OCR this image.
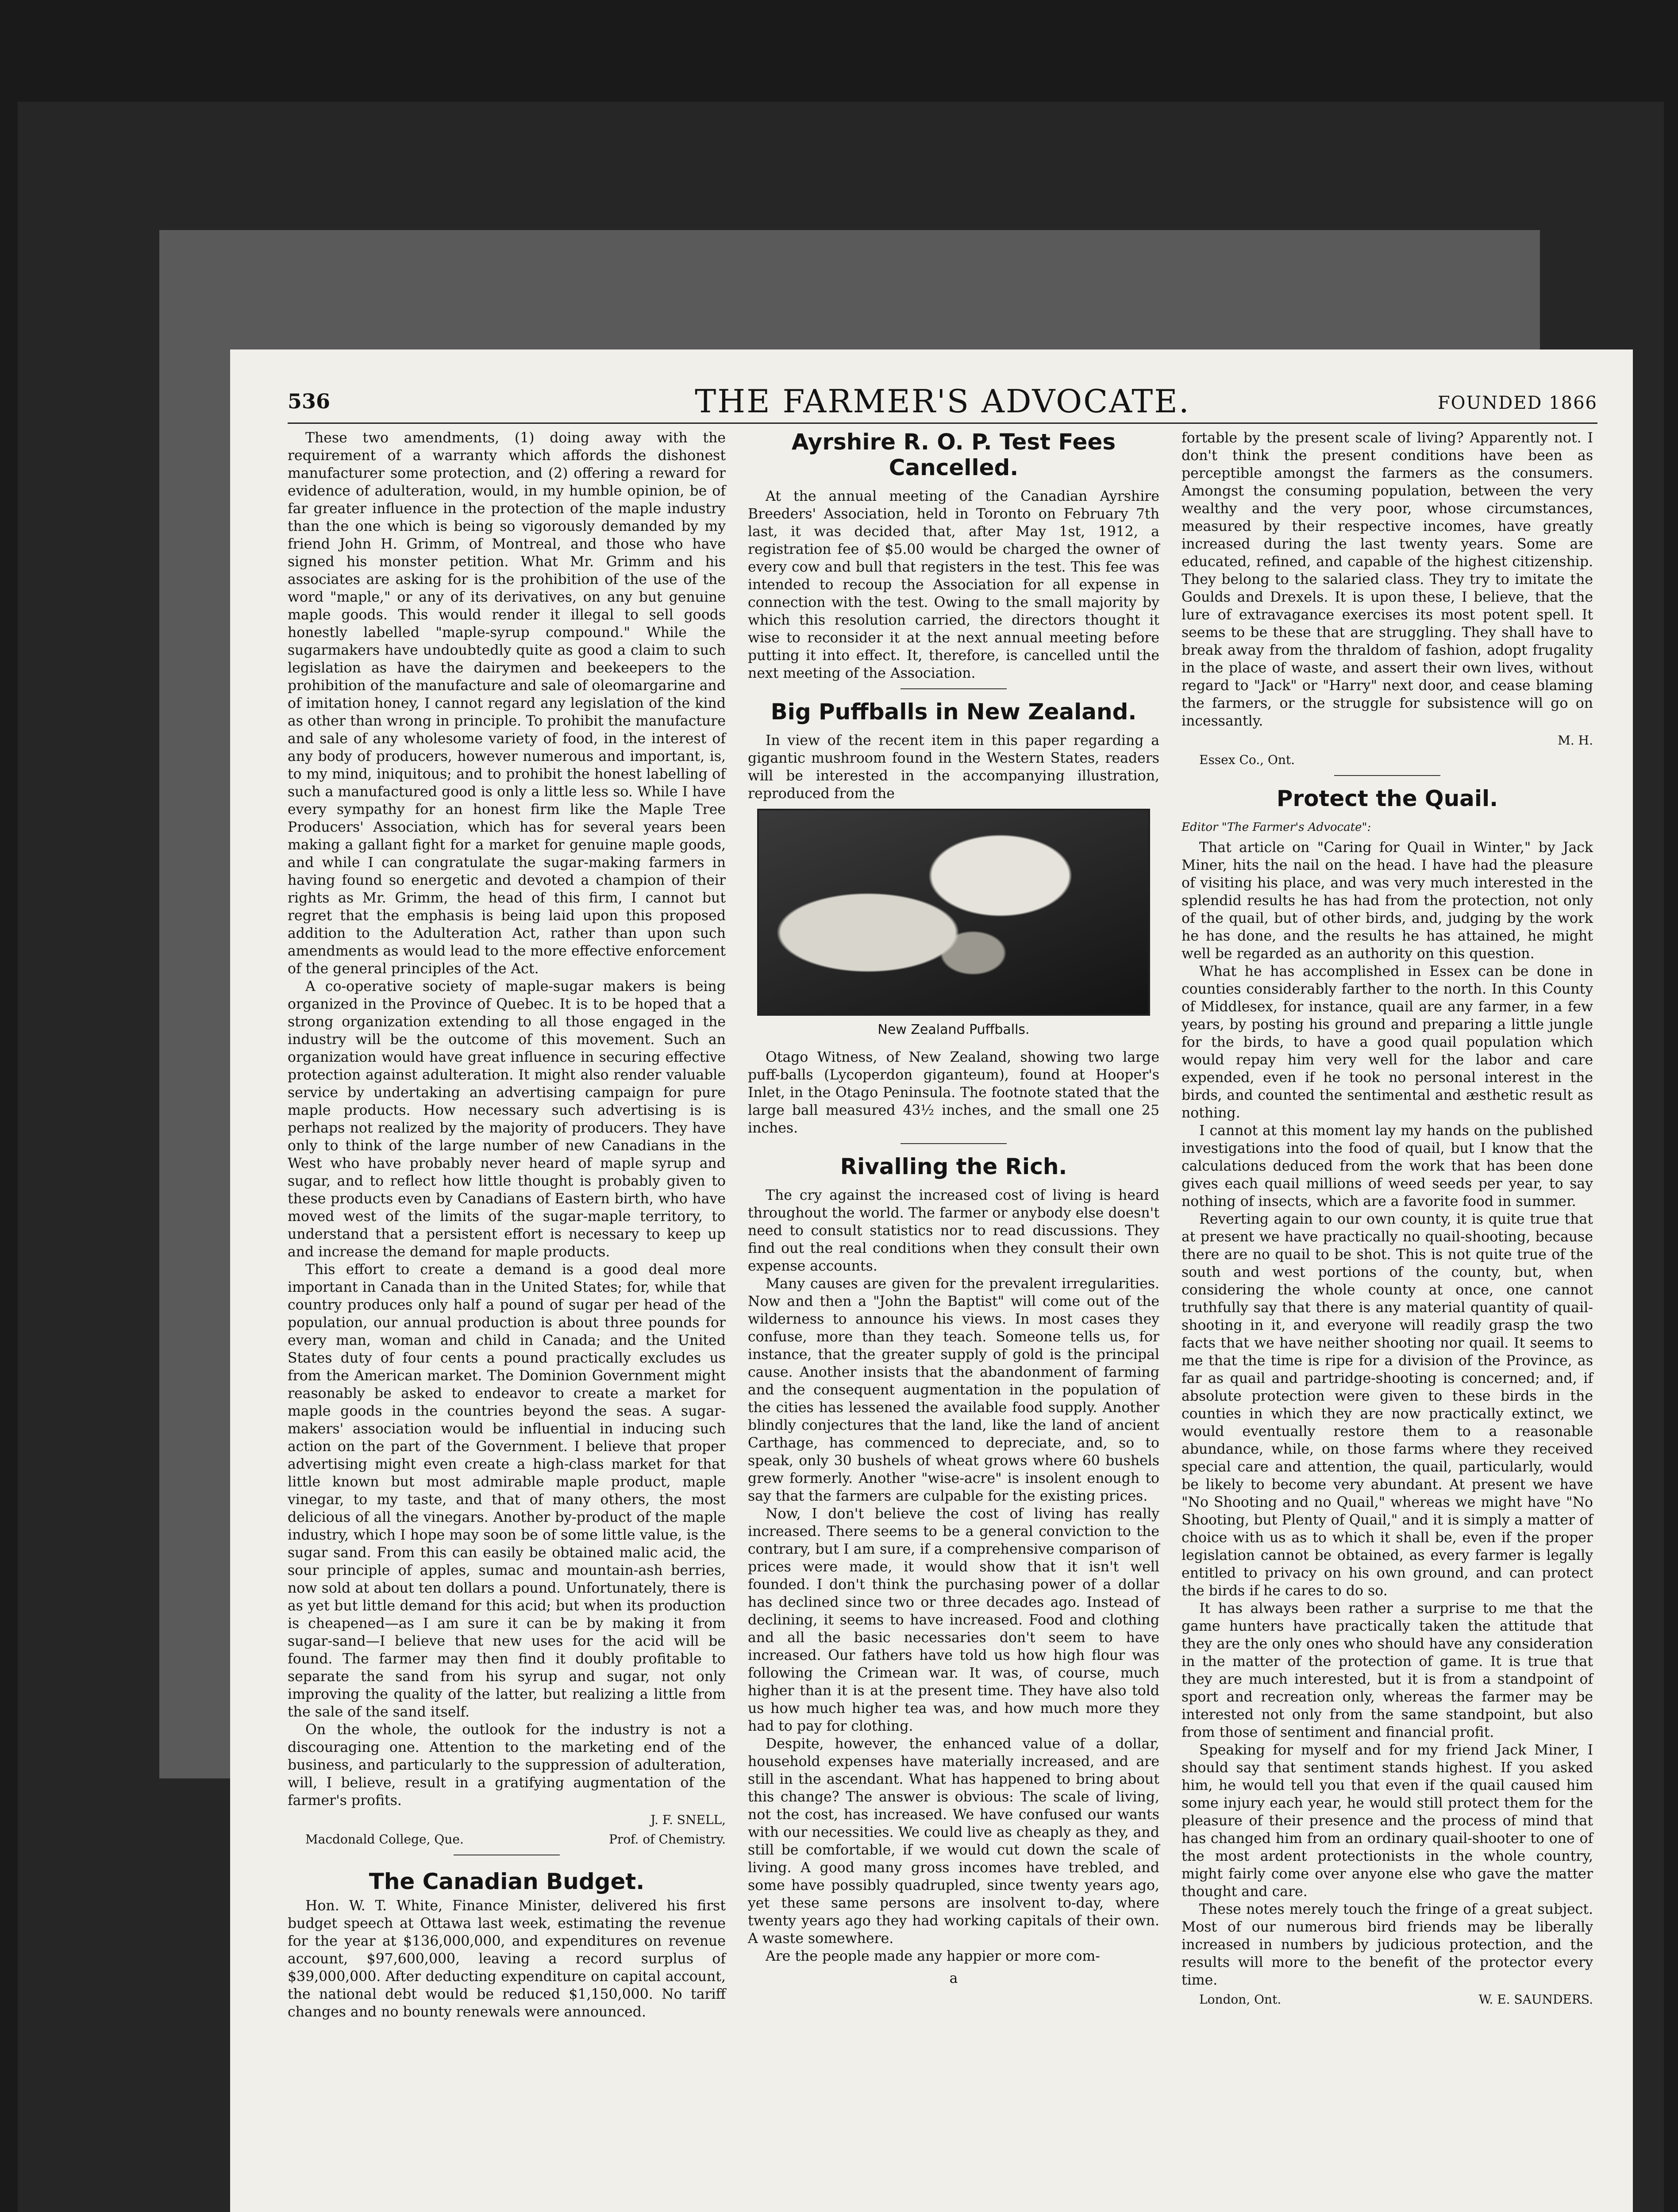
536	THE FARMER'S ADVOCATE.	FOUNDED 1866

These two amendments, (1) doing away with the requirement of a warranty which affords the dishonest manufacturer some protection, and (2) offering a reward for evidence of adulteration, would, in my humble opinion, be of far greater influence in the protection of the maple industry than the one which is being so vigorously demanded by my friend John H. Grimm, of Montreal, and those who have signed his monster petition. What Mr. Grimm and his associates are asking for is the prohibition of the use of the word "maple," or any of its derivatives, on any but genuine maple goods. This would render it illegal to sell goods honestly labelled "maple-syrup compound." While the sugarmakers have undoubtedly quite as good a claim to such legislation as have the dairymen and beekeepers to the prohibition of the manufacture and sale of oleomargarine and of imitation honey, I cannot regard any legislation of the kind as other than wrong in principle. To prohibit the manufacture and sale of any wholesome variety of food, in the interest of any body of producers, however numerous and important, is, to my mind, iniquitous; and to prohibit the honest labelling of such a manufactured good is only a little less so. While I have every sympathy for an honest firm like the Maple Tree Producers' Association, which has for several years been making a gallant fight for a market for genuine maple goods, and while I can congratulate the sugar-making farmers in having found so energetic and devoted a champion of their rights as Mr. Grimm, the head of this firm, I cannot but regret that the emphasis is being laid upon this proposed addition to the Adulteration Act, rather than upon such amendments as would lead to the more effective enforcement of the general principles of the Act.

A co-operative society of maple-sugar makers is being organized in the Province of Quebec. It is to be hoped that a strong organization extending to all those engaged in the industry will be the outcome of this movement. Such an organization would have great influence in securing effective protection against adulteration. It might also render valuable service by undertaking an advertising campaign for pure maple products. How necessary such advertising is is perhaps not realized by the majority of producers. They have only to think of the large number of new Canadians in the West who have probably never heard of maple syrup and sugar, and to reflect how little thought is probably given to these products even by Canadians of Eastern birth, who have moved west of the limits of the sugar-maple territory, to understand that a persistent effort is necessary to keep up and increase the demand for maple products.

This effort to create a demand is a good deal more important in Canada than in the United States; for, while that country produces only half a pound of sugar per head of the population, our annual production is about three pounds for every man, woman and child in Canada; and the United States duty of four cents a pound practically excludes us from the American market. The Dominion Government might reasonably be asked to endeavor to create a market for maple goods in the countries beyond the seas. A sugar-makers' association would be influential in inducing such action on the part of the Government. I believe that proper advertising might even create a high-class market for that little known but most admirable maple product, maple vinegar, to my taste, and that of many others, the most delicious of all the vinegars. Another by-product of the maple industry, which I hope may soon be of some little value, is the sugar sand. From this can easily be obtained malic acid, the sour principle of apples, sumac and mountain-ash berries, now sold at about ten dollars a pound. Unfortunately, there is as yet but little demand for this acid; but when its production is cheapened—as I am sure it can be by making it from sugar-sand—I believe that new uses for the acid will be found. The farmer may then find it doubly profitable to separate the sand from his syrup and sugar, not only improving the quality of the latter, but realizing a little from the sale of the sand itself.

On the whole, the outlook for the industry is not a discouraging one. Attention to the marketing end of the business, and particularly to the suppression of adulteration, will, I believe, result in a gratifying augmentation of the farmer's profits.

J. F. SNELL,
Macdonald College, Que.	Prof. of Chemistry.
The Canadian Budget.

Hon. W. T. White, Finance Minister, delivered his first budget speech at Ottawa last week, estimating the revenue for the year at $136,000,000, and expenditures on revenue account, $97,600,000, leaving a record surplus of $39,000,000. After deducting expenditure on capital account, the national debt would be reduced $1,150,000. No tariff changes and no bounty renewals were announced.

Ayrshire R. O. P. Test Fees Cancelled.

At the annual meeting of the Canadian Ayrshire Breeders' Association, held in Toronto on February 7th last, it was decided that, after May 1st, 1912, a registration fee of $5.00 would be charged the owner of every cow and bull that registers in the test. This fee was intended to recoup the Association for all expense in connection with the test. Owing to the small majority by which this resolution carried, the directors thought it wise to reconsider it at the next annual meeting before putting it into effect. It, therefore, is cancelled until the next meeting of the Association.

Big Puffballs in New Zealand.

In view of the recent item in this paper regarding a gigantic mushroom found in the Western States, readers will be interested in the accompanying illustration, reproduced from the

New Zealand Puffballs.

Otago Witness, of New Zealand, showing two large puff-balls (Lycoperdon giganteum), found at Hooper's Inlet, in the Otago Peninsula. The footnote stated that the large ball measured 43½ inches, and the small one 25 inches.

Rivalling the Rich.

The cry against the increased cost of living is heard throughout the world. The farmer or anybody else doesn't need to consult statistics nor to read discussions. They find out the real conditions when they consult their own expense accounts.

Many causes are given for the prevalent irregularities. Now and then a "John the Baptist" will come out of the wilderness to announce his views. In most cases they confuse, more than they teach. Someone tells us, for instance, that the greater supply of gold is the principal cause. Another insists that the abandonment of farming and the consequent augmentation in the population of the cities has lessened the available food supply. Another blindly conjectures that the land, like the land of ancient Carthage, has commenced to depreciate, and, so to speak, only 30 bushels of wheat grows where 60 bushels grew formerly. Another "wise-acre" is insolent enough to say that the farmers are culpable for the existing prices.

Now, I don't believe the cost of living has really increased. There seems to be a general conviction to the contrary, but I am sure, if a comprehensive comparison of prices were made, it would show that it isn't well founded. I don't think the purchasing power of a dollar has declined since two or three decades ago. Instead of declining, it seems to have increased. Food and clothing and all the basic necessaries don't seem to have increased. Our fathers have told us how high flour was following the Crimean war. It was, of course, much higher than it is at the present time. They have also told us how much higher tea was, and how much more they had to pay for clothing.

Despite, however, the enhanced value of a dollar, household expenses have materially increased, and are still in the ascendant. What has happened to bring about this change? The answer is obvious: The scale of living, not the cost, has increased. We have confused our wants with our necessities. We could live as cheaply as they, and still be comfortable, if we would cut down the scale of living. A good many gross incomes have trebled, and some have possibly quadrupled, since twenty years ago, yet these same persons are insolvent to-day, where twenty years ago they had working capitals of their own. A waste somewhere.

Are the people made any happier or more com-

a

fortable by the present scale of living? Apparently not. I don't think the present conditions have been as perceptible amongst the farmers as the consumers. Amongst the consuming population, between the very wealthy and the very poor, whose circumstances, measured by their respective incomes, have greatly increased during the last twenty years. Some are educated, refined, and capable of the highest citizenship. They belong to the salaried class. They try to imitate the Goulds and Drexels. It is upon these, I believe, that the lure of extravagance exercises its most potent spell. It seems to be these that are struggling. They shall have to break away from the thraldom of fashion, adopt frugality in the place of waste, and assert their own lives, without regard to "Jack" or "Harry" next door, and cease blaming the farmers, or the struggle for subsistence will go on incessantly.

M. H.
Essex Co., Ont.
Protect the Quail.
Editor "The Farmer's Advocate":

That article on "Caring for Quail in Winter," by Jack Miner, hits the nail on the head. I have had the pleasure of visiting his place, and was very much interested in the splendid results he has had from the protection, not only of the quail, but of other birds, and, judging by the work he has done, and the results he has attained, he might well be regarded as an authority on this question.

What he has accomplished in Essex can be done in counties considerably farther to the north. In this County of Middlesex, for instance, quail are any farmer, in a few years, by posting his ground and preparing a little jungle for the birds, to have a good quail population which would repay him very well for the labor and care expended, even if he took no personal interest in the birds, and counted the sentimental and æsthetic result as nothing.

I cannot at this moment lay my hands on the published investigations into the food of quail, but I know that the calculations deduced from the work that has been done gives each quail millions of weed seeds per year, to say nothing of insects, which are a favorite food in summer.

Reverting again to our own county, it is quite true that at present we have practically no quail-shooting, because there are no quail to be shot. This is not quite true of the south and west portions of the county, but, when considering the whole county at once, one cannot truthfully say that there is any material quantity of quail-shooting in it, and everyone will readily grasp the two facts that we have neither shooting nor quail. It seems to me that the time is ripe for a division of the Province, as far as quail and partridge-shooting is concerned; and, if absolute protection were given to these birds in the counties in which they are now practically extinct, we would eventually restore them to a reasonable abundance, while, on those farms where they received special care and attention, the quail, particularly, would be likely to become very abundant. At present we have "No Shooting and no Quail," whereas we might have "No Shooting, but Plenty of Quail," and it is simply a matter of choice with us as to which it shall be, even if the proper legislation cannot be obtained, as every farmer is legally entitled to privacy on his own ground, and can protect the birds if he cares to do so.

It has always been rather a surprise to me that the game hunters have practically taken the attitude that they are the only ones who should have any consideration in the matter of the protection of game. It is true that they are much interested, but it is from a standpoint of sport and recreation only, whereas the farmer may be interested not only from the same standpoint, but also from those of sentiment and financial profit.

Speaking for myself and for my friend Jack Miner, I should say that sentiment stands highest. If you asked him, he would tell you that even if the quail caused him some injury each year, he would still protect them for the pleasure of their presence and the process of mind that has changed him from an ordinary quail-shooter to one of the most ardent protectionists in the whole country, might fairly come over anyone else who gave the matter thought and care.

These notes merely touch the fringe of a great subject. Most of our numerous bird friends may be liberally increased in numbers by judicious protection, and the results will more to the benefit of the protector every time.

London, Ont.	W. E. SAUNDERS.
